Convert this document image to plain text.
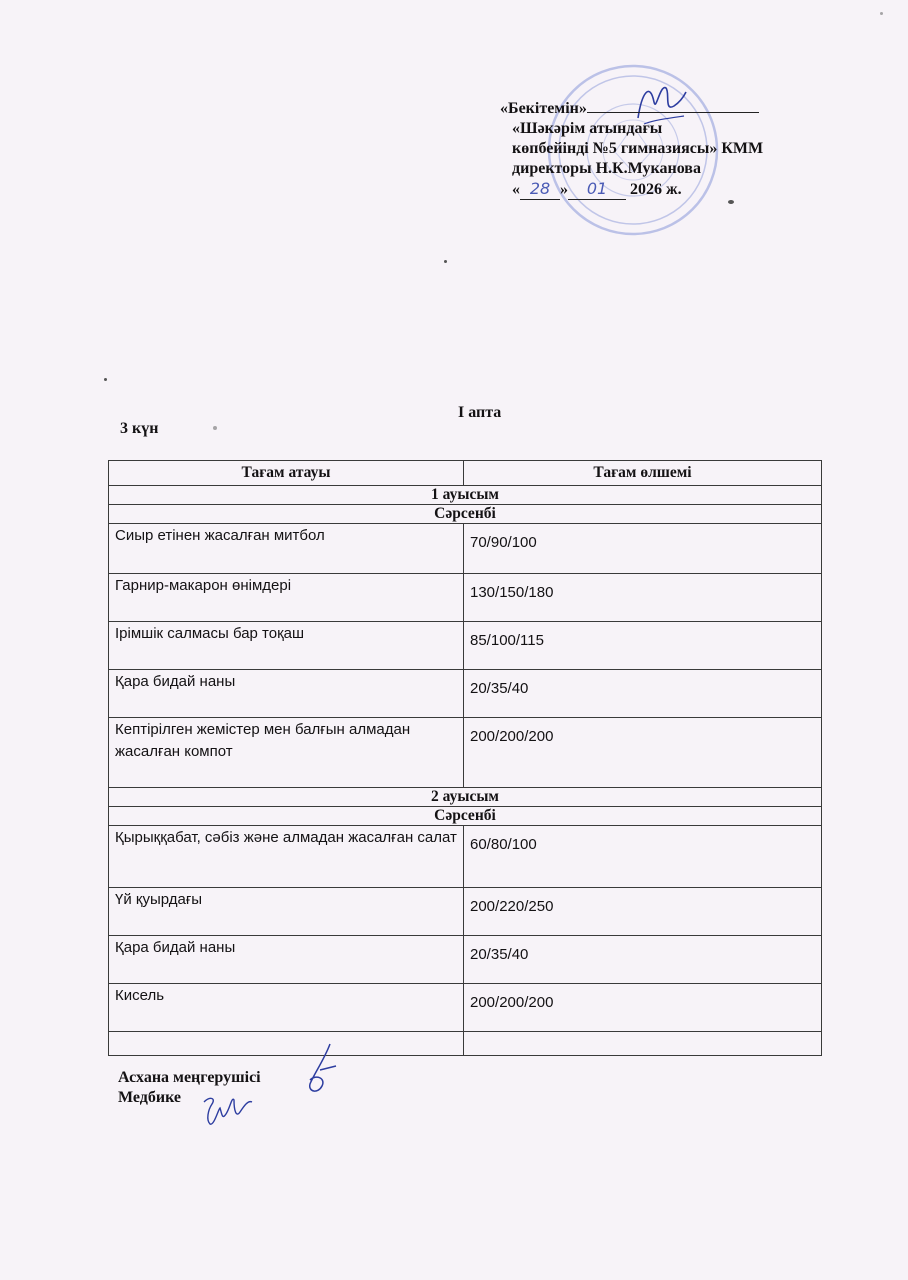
«Бекітемін»
«Шәкәрім атындағы
көпбейінді №5 гимназиясы» КММ
директоры Н.К.Муканова
« 28 » 01 2026 ж.
I апта
3 күн
Тағам атауы	Тағам өлшемі
1 ауысым	
Сәрсенбі	
Сиыр етінен жасалған митбол	70/90/100
Гарнир-макарон өнімдері	130/150/180
Ірімшік салмасы бар тоқаш	85/100/115
Қара бидай наны	20/35/40
Кептірілген жемістер мен балғын алмадан жасалған компот	200/200/200
2 ауысым	
Сәрсенбі	
Қырыққабат, сәбіз және алмадан жасалған салат	60/80/100
Үй қуырдағы	200/220/250
Қара бидай наны	20/35/40
Кисель	200/200/200

Асхана меңгерушісі
Медбике
